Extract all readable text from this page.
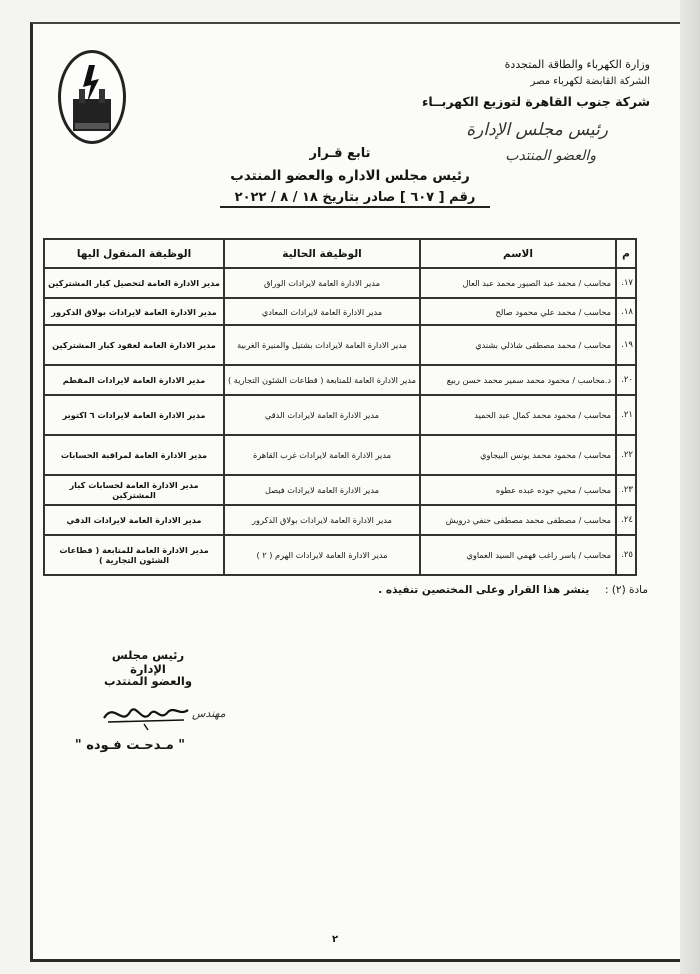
وزارة الكهرباء والطاقة المتجددة
الشركة القابضة لكهرباء مصر
شركة جنوب القاهرة لتوزيع الكهربــاء
رئيس مجلس الإدارة
والعضو المنتدب
تابع قـرار
رئيس مجلس الاداره والعضو المنتدب
رقم [ ٦٠٧ ] صادر بتاريخ ١٨ / ٨ / ٢٠٢٢
م	الاسم	الوظيفة الحالية	الوظيفة المنقول اليها
١٧.	محاسب / محمد عبد الصبور محمد عبد العال	مدير الادارة العامة لايرادات الوراق	مدير الادارة العامة لتحصيل كبار المشتركين
١٨.	محاسب / محمد علي محمود صالح	مدير الادارة العامة لايرادات المعادي	مدير الادارة العامة لايرادات بولاق الدكرور
١٩.	محاسب / محمد مصطفى شاذلي بشندي	مدير الادارة العامة لايرادات بشتيل والمنيرة الغربية	مدير الادارة العامة لعقود كبار المشتركين
٢٠.	د.محاسب / محمود محمد سمير محمد حسن ربيع	مدير الادارة العامة للمتابعة ( قطاعات الشئون التجارية )	مدير الادارة العامة لايرادات المقطم
٢١.	محاسب / محمود محمد كمال عبد الحميد	مدير الادارة العامة لايرادات الدقي	مدير الادارة العامة لايرادات ٦ اكتوبر
٢٢.	محاسب / محمود محمد يونس البيجاوي	مدير الادارة العامة لايرادات غرب القاهرة	مدير الادارة العامة لمراقبة الحسابات
٢٣.	محاسب / محيي جوده عبده عطوه	مدير الادارة العامة لايرادات فيصل	مدير الادارة العامة لحسابات كبار المشتركين
٢٤.	محاسب / مصطفى محمد مصطفى حنفي درويش	مدير الادارة العامة لايرادات بولاق الدكرور	مدير الادارة العامة لايرادات الدقي
٢٥.	محاسب / ياسر راغب فهمي السيد العماوي	مدير الادارة العامة لايرادات الهرم ( ٢ )	مدير الادارة العامة للمتابعة ( قطاعات الشئون التجارية )
مادة (٢) : ينشر هذا القرار وعلى المختصين تنفيذه .
رئيس مجلس الإدارة
والعضو المنتدب
مهندس
" مـدحـت فـوده "
٢
